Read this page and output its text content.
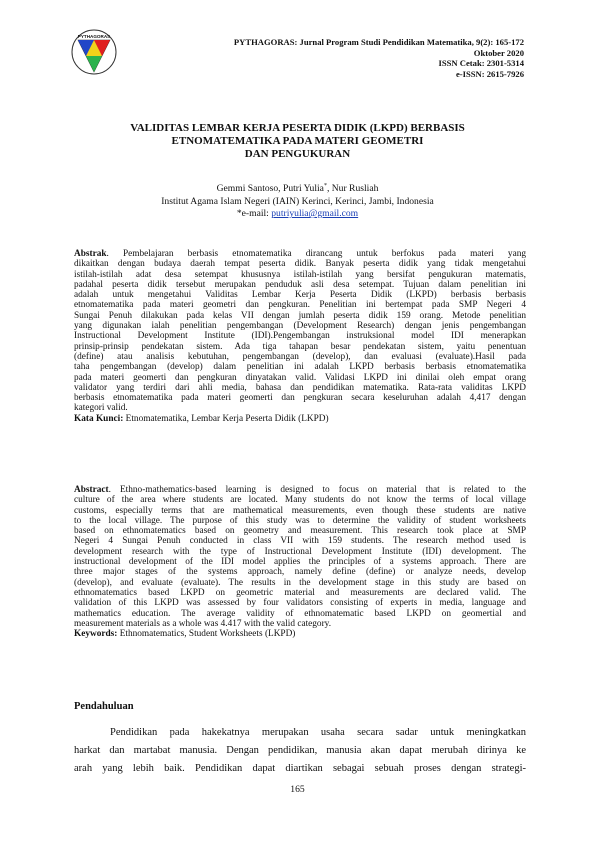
PYTHAGORAS
PYTHAGORAS: Jurnal Program Studi Pendidikan Matematika, 9(2): 165-172
Oktober 2020
ISSN Cetak: 2301-5314
e-ISSN: 2615-7926
VALIDITAS LEMBAR KERJA PESERTA DIDIK (LKPD) BERBASIS
ETNOMATEMATIKA PADA MATERI GEOMETRI
DAN PENGUKURAN
Gemmi Santoso, Putri Yulia*, Nur Rusliah
Institut Agama Islam Negeri (IAIN) Kerinci, Kerinci, Jambi, Indonesia
*e-mail: putriyulia@gmail.com
Abstrak. Pembelajaran berbasis etnomatematika dirancang untuk berfokus pada materi yang
dikaitkan dengan budaya daerah tempat peserta didik. Banyak peserta didik yang tidak mengetahui
istilah-istilah adat desa setempat khususnya istilah-istilah yang bersifat pengukuran matematis,
padahal peserta didik tersebut merupakan penduduk asli desa setempat. Tujuan dalam penelitian ini
adalah untuk mengetahui Validitas Lembar Kerja Peserta Didik (LKPD) berbasis berbasis
etnomatematika pada materi geometri dan pengkuran. Penelitian ini bertempat pada SMP Negeri 4
Sungai Penuh dilakukan pada kelas VII dengan jumlah peserta didik 159 orang. Metode penelitian
yang digunakan ialah penelitian pengembangan (Development Research) dengan jenis pengembangan
Instructional Development Institute (IDI).Pengembangan instruksional model IDI menerapkan
prinsip-prinsip pendekatan sistem. Ada tiga tahapan besar pendekatan sistem, yaitu penentuan
(define) atau analisis kebutuhan, pengembangan (develop), dan evaluasi (evaluate).Hasil pada
taha pengembangan (develop) dalam penelitian ini adalah LKPD berbasis berbasis etnomatematika
pada materi geomerti dan pengkuran dinyatakan valid. Validasi LKPD ini dinilai oleh empat orang
validator yang terdiri dari ahli media, bahasa dan pendidikan matematika. Rata-rata validitas LKPD
berbasis etnomatematika pada materi geomerti dan pengkuran secara keseluruhan adalah 4,417 dengan
kategori valid.
Kata Kunci: Etnomatematika, Lembar Kerja Peserta Didik (LKPD)
Abstract. Ethno-mathematics-based learning is designed to focus on material that is related to the
culture of the area where students are located. Many students do not know the terms of local village
customs, especially terms that are mathematical measurements, even though these students are native
to the local village. The purpose of this study was to determine the validity of student worksheets
based on ethnomatematics based on geometry and measurement. This research took place at SMP
Negeri 4 Sungai Penuh conducted in class VII with 159 students. The research method used is
development research with the type of Instructional Development Institute (IDI) development. The
instructional development of the IDI model applies the principles of a systems approach. There are
three major stages of the systems approach, namely define (define) or analyze needs, develop
(develop), and evaluate (evaluate). The results in the development stage in this study are based on
ethnomatematics based LKPD on geometric material and measurements are declared valid. The
validation of this LKPD was assessed by four validators consisting of experts in media, language and
mathematics education. The average validity of ethnomatematic based LKPD on geomertial and
measurement materials as a whole was 4.417 with the valid category.
Keywords: Ethnomatematics, Student Worksheets (LKPD)
Pendahuluan
Pendidikan pada hakekatnya merupakan usaha secara sadar untuk meningkatkan
harkat dan martabat manusia. Dengan pendidikan, manusia akan dapat merubah dirinya ke
arah yang lebih baik. Pendidikan dapat diartikan sebagai sebuah proses dengan strategi-
165
